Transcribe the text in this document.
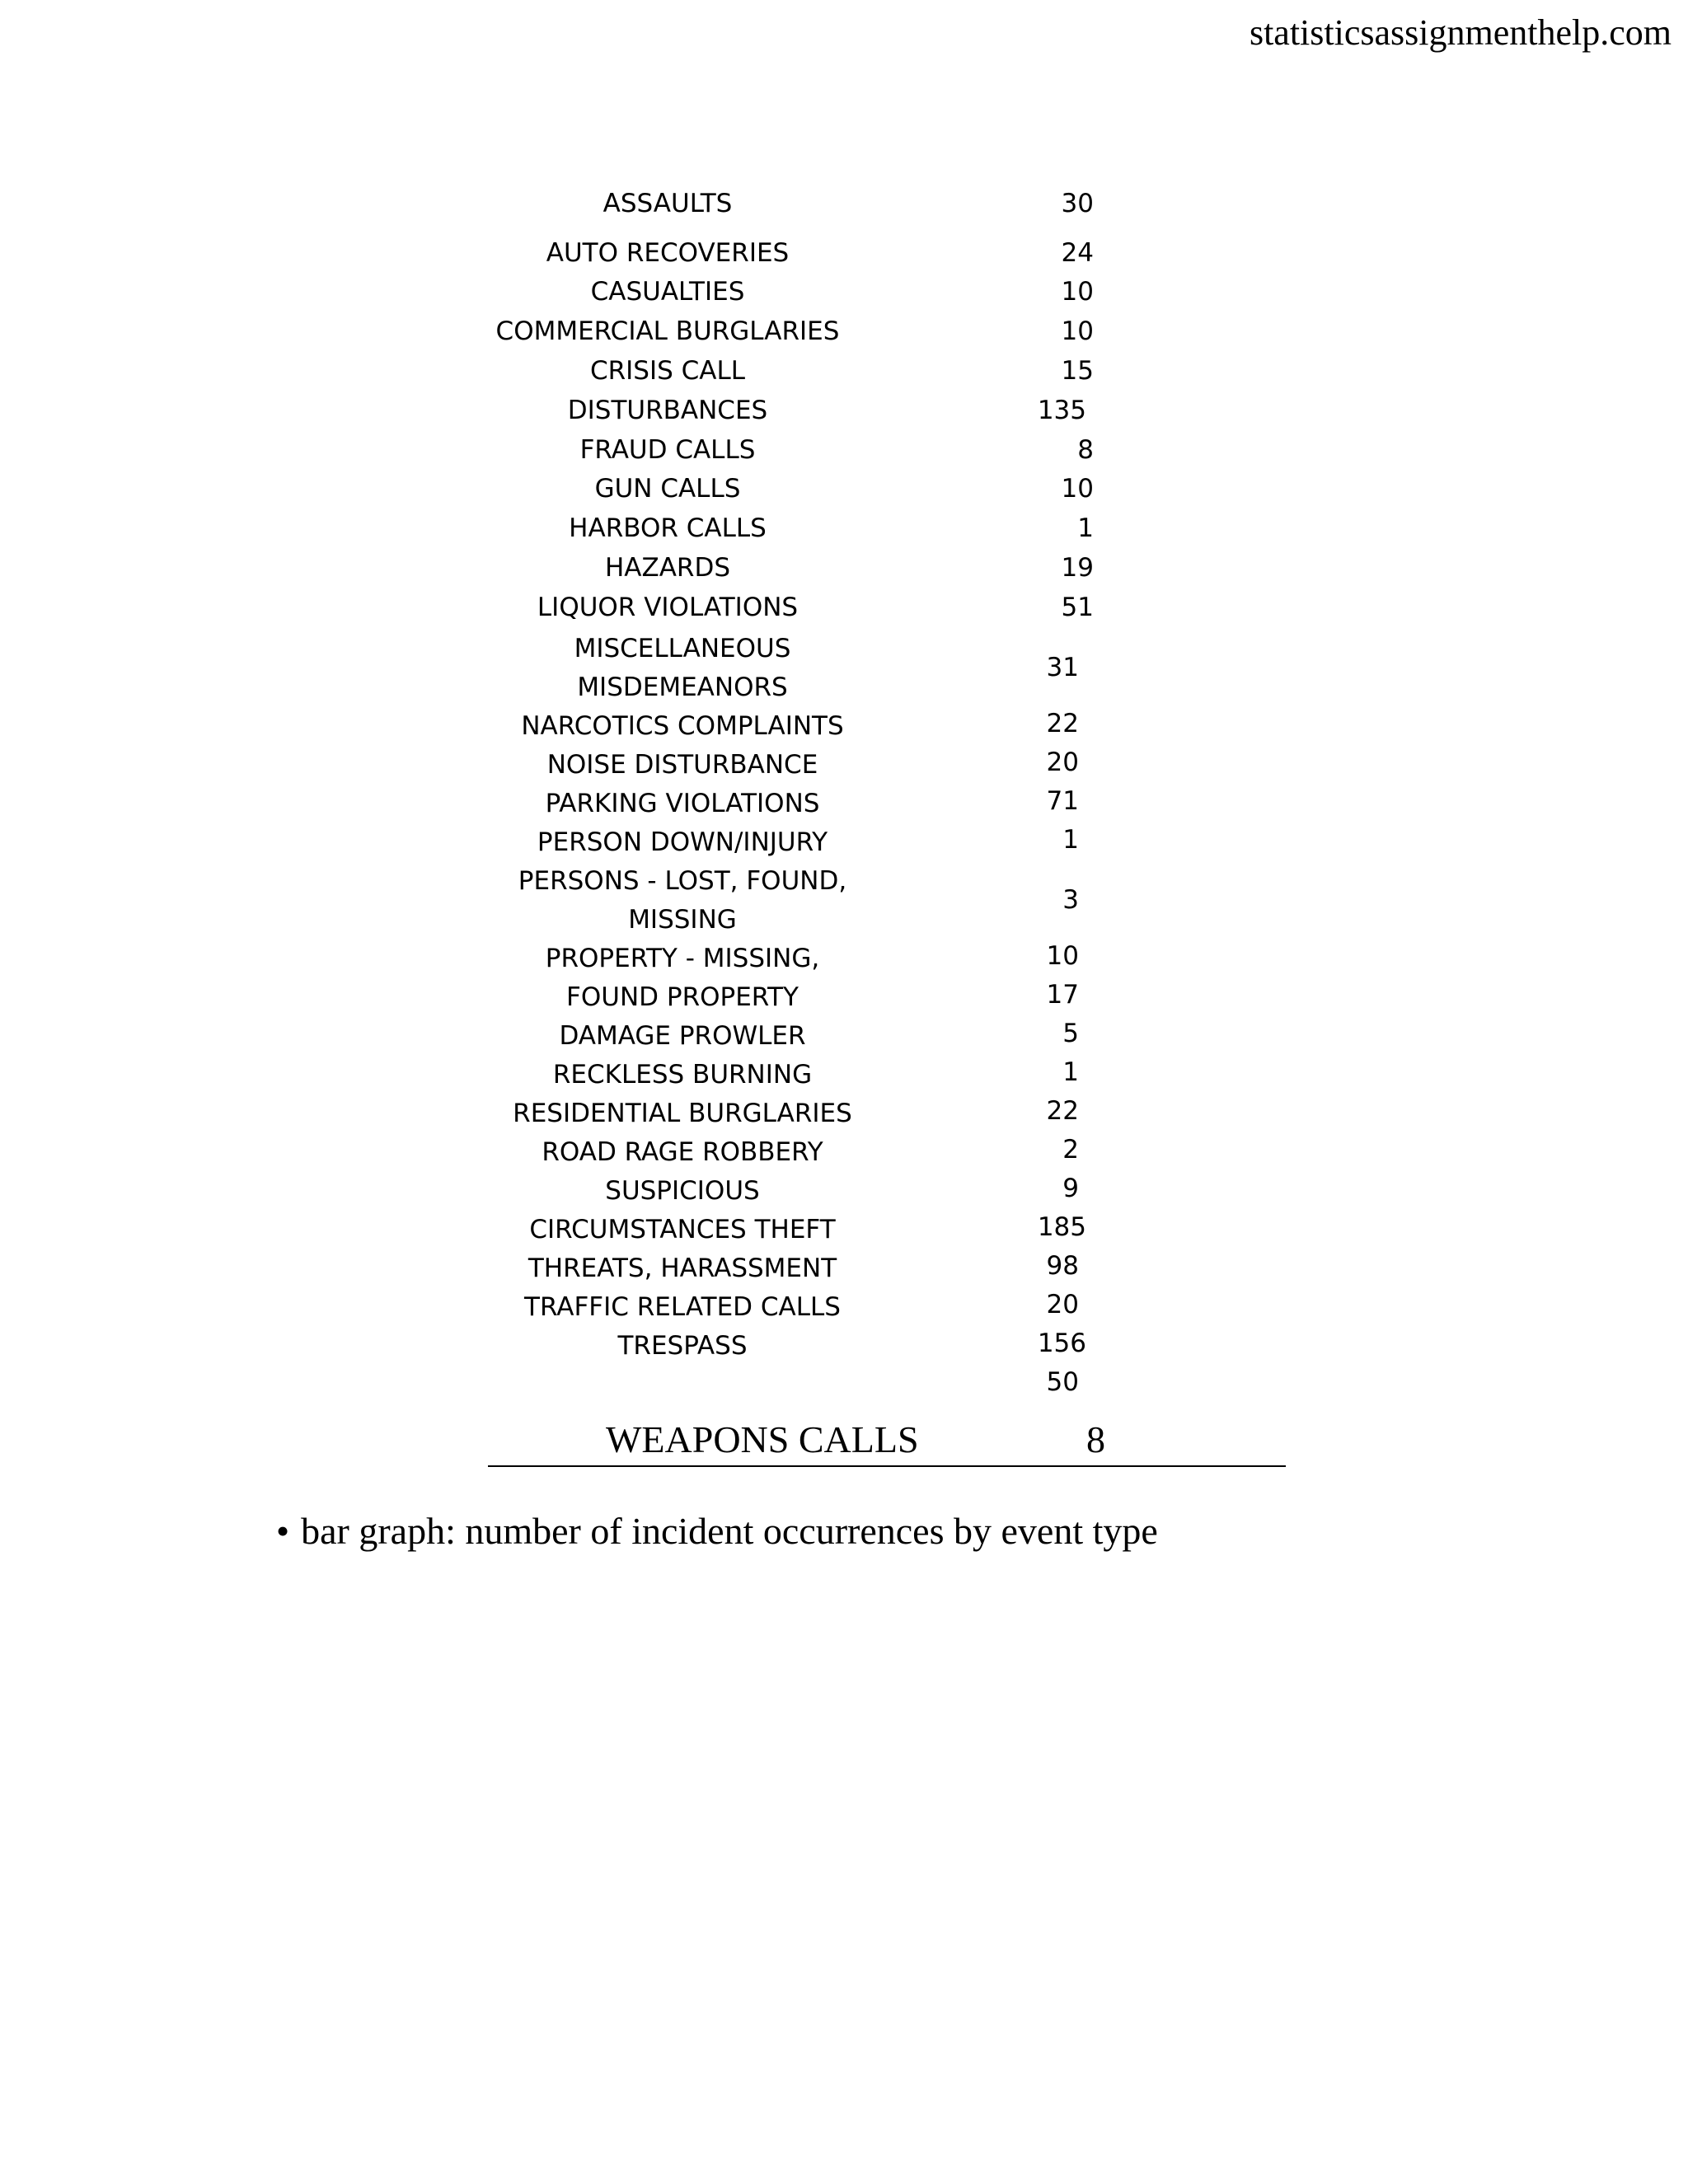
statisticsassignmenthelp.com
ASSAULTS
AUTO RECOVERIES
CASUALTIES
COMMERCIAL BURGLARIES
CRISIS CALL
DISTURBANCES
FRAUD CALLS
GUN CALLS
HARBOR CALLS
HAZARDS
LIQUOR VIOLATIONS
MISCELLANEOUS
MISDEMEANORS
NARCOTICS COMPLAINTS
NOISE DISTURBANCE
PARKING VIOLATIONS
PERSON DOWN/INJURY
PERSONS - LOST, FOUND,
MISSING
PROPERTY - MISSING,
FOUND PROPERTY
DAMAGE PROWLER
RECKLESS BURNING
RESIDENTIAL BURGLARIES
ROAD RAGE ROBBERY
SUSPICIOUS
CIRCUMSTANCES THEFT
THREATS, HARASSMENT
TRAFFIC RELATED CALLS
TRESPASS
30
24
10
10
15
135
8
10
1
19
51
31
22
20
71
1
3
10
17
5
1
22
2
9
185
98
20
156
50
WEAPONS CALLS	8
• bar graph: number of incident occurrences by event type
